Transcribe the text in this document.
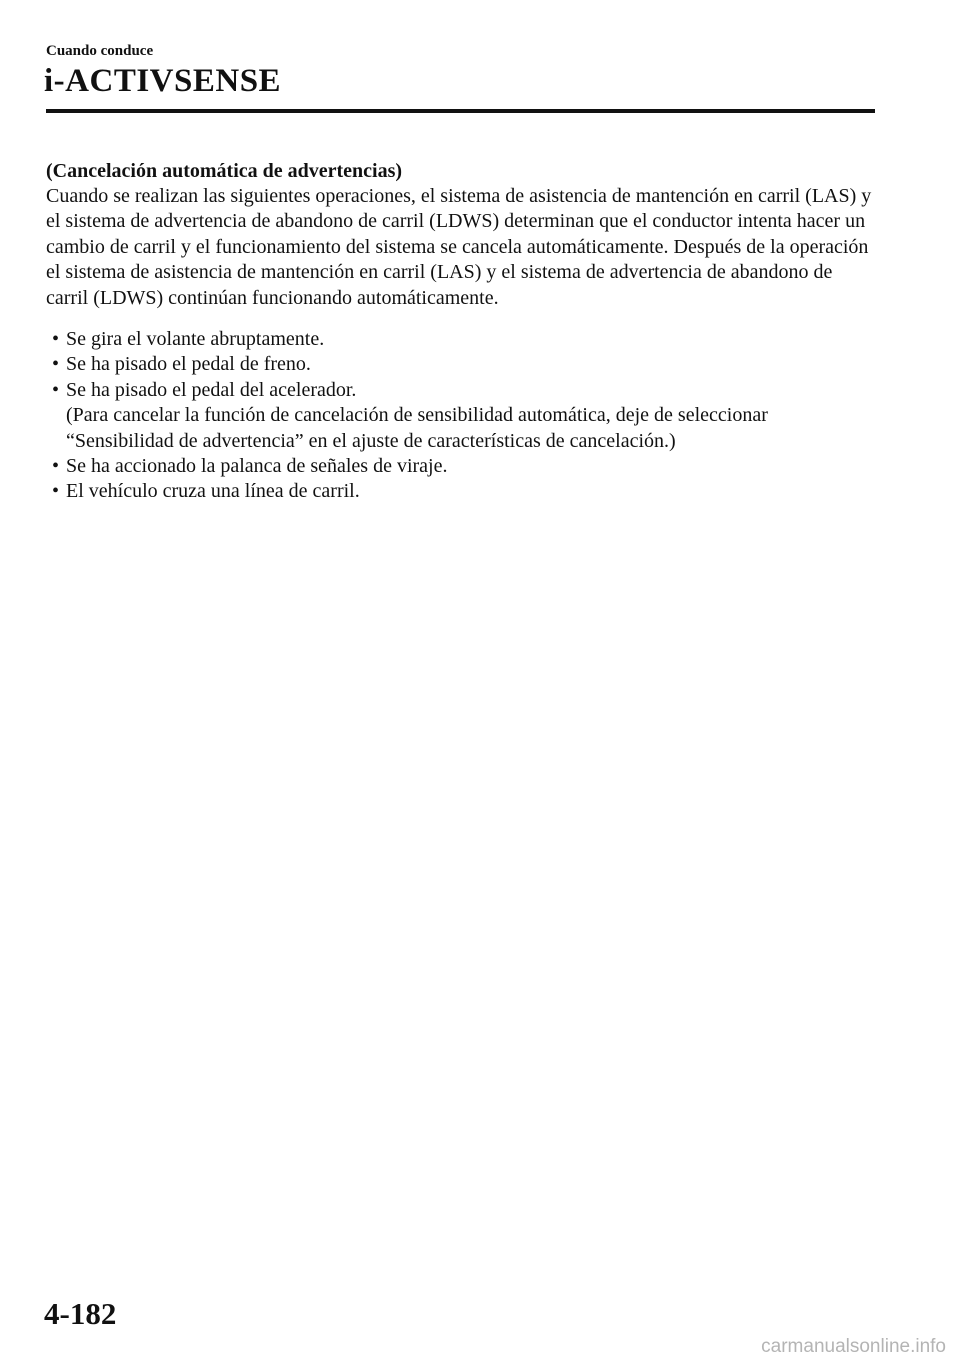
Cuando conduce
i-ACTIVSENSE

(Cancelación automática de advertencias)

Cuando se realizan las siguientes operaciones, el sistema de asistencia de mantención en carril (LAS) y el sistema de advertencia de abandono de carril (LDWS) determinan que el conductor intenta hacer un cambio de carril y el funcionamiento del sistema se cancela automáticamente. Después de la operación el sistema de asistencia de mantención en carril (LAS) y el sistema de advertencia de abandono de carril (LDWS) continúan funcionando automáticamente.

• Se gira el volante abruptamente.
• Se ha pisado el pedal de freno.
• Se ha pisado el pedal del acelerador.
(Para cancelar la función de cancelación de sensibilidad automática, deje de seleccionar “Sensibilidad de advertencia” en el ajuste de características de cancelación.)
• Se ha accionado la palanca de señales de viraje.
• El vehículo cruza una línea de carril.
4-182
carmanualsonline.info
